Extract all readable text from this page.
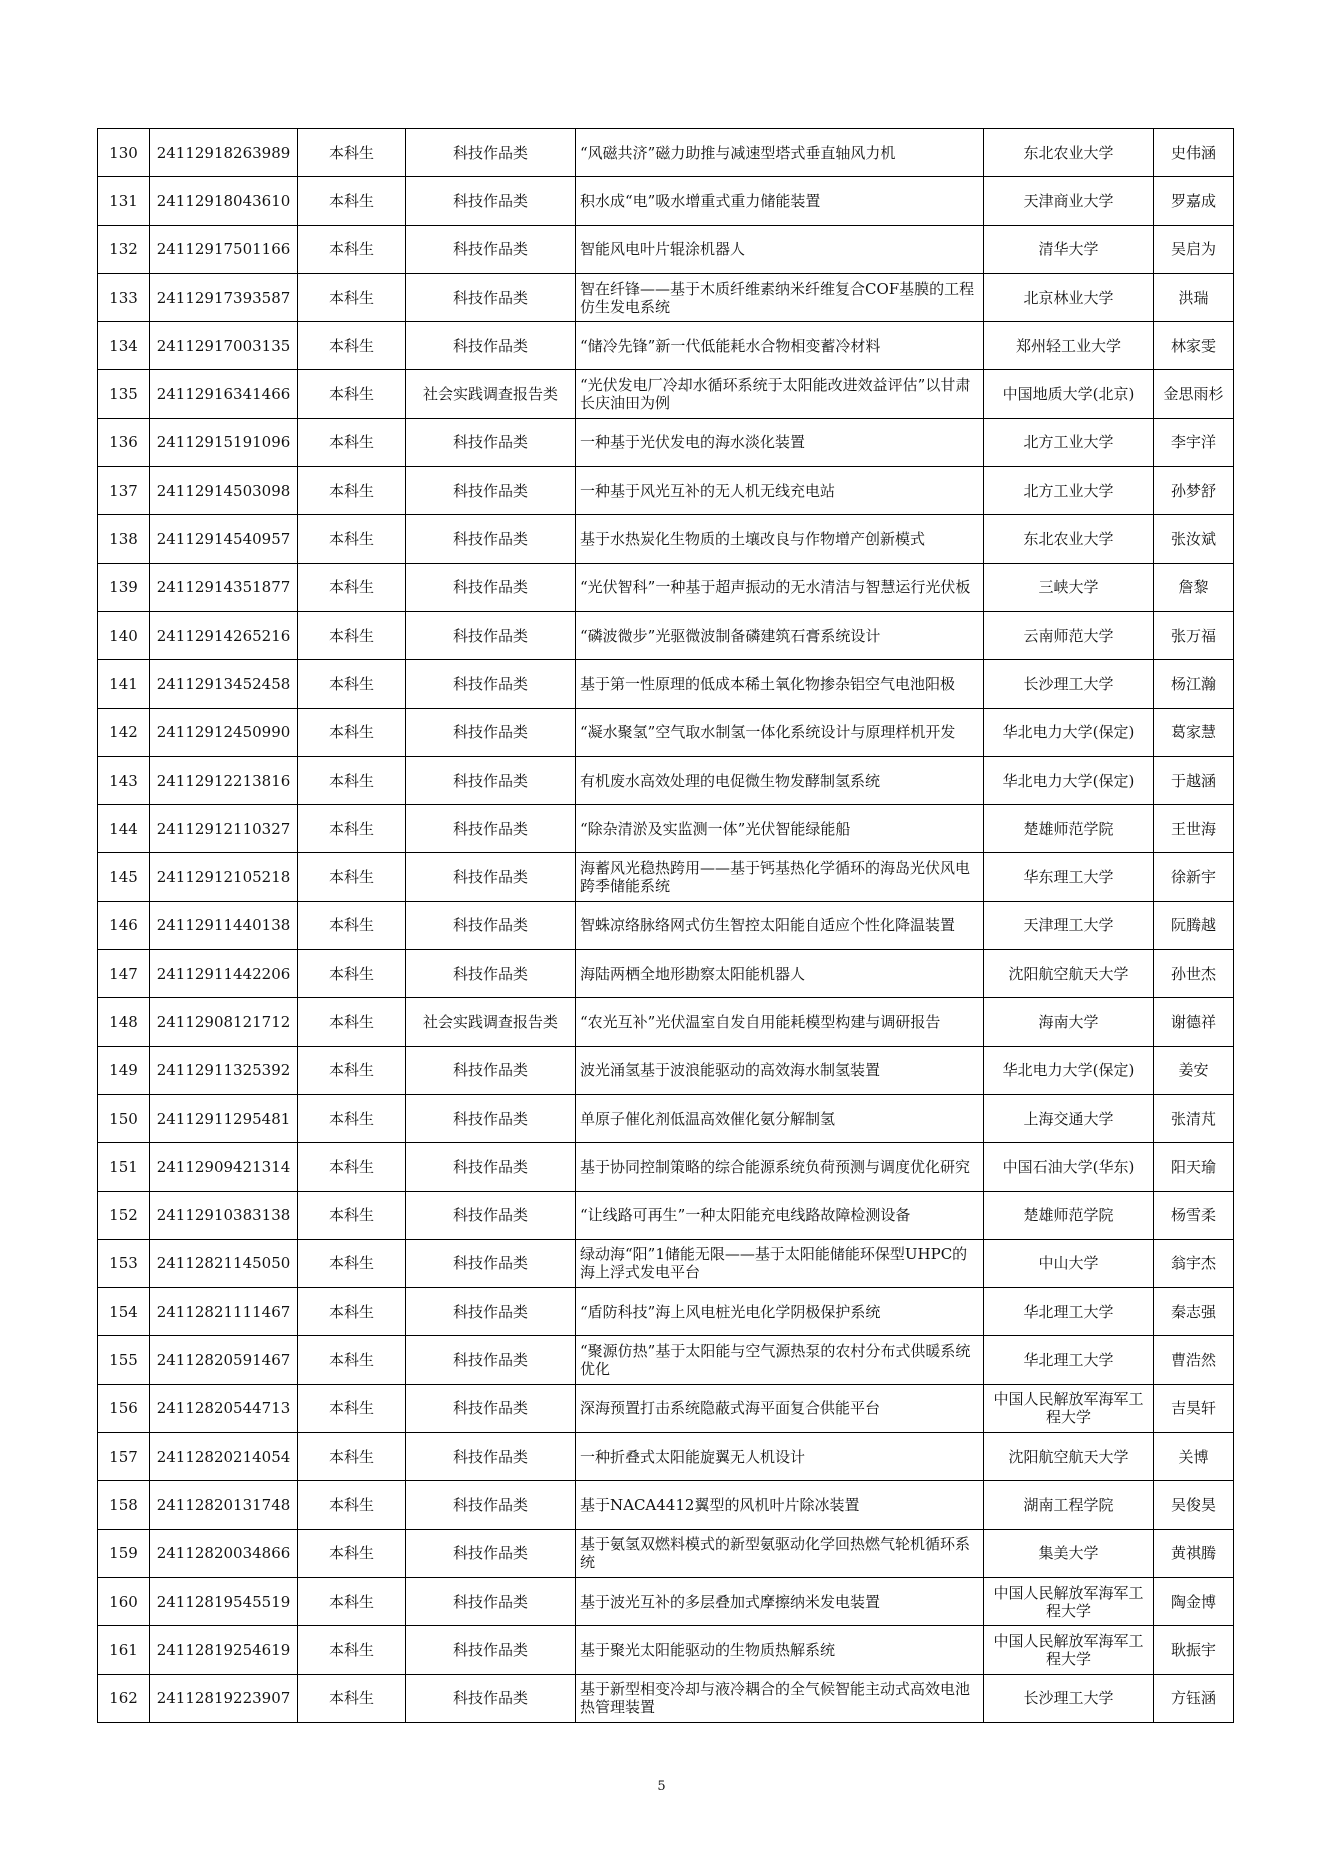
130	24112918263989	本科生	科技作品类	“风磁共济”磁力助推与减速型塔式垂直轴风力机	东北农业大学	史伟涵
131	24112918043610	本科生	科技作品类	积水成“电”吸水增重式重力储能装置	天津商业大学	罗嘉成
132	24112917501166	本科生	科技作品类	智能风电叶片辊涂机器人	清华大学	吴启为
133	24112917393587	本科生	科技作品类	智在纤锋——基于木质纤维素纳米纤维复合COF基膜的工程仿生发电系统	北京林业大学	洪瑞
134	24112917003135	本科生	科技作品类	“储冷先锋”新一代低能耗水合物相变蓄冷材料	郑州轻工业大学	林家雯
135	24112916341466	本科生	社会实践调查报告类	“光伏发电厂冷却水循环系统于太阳能改进效益评估”以甘肃长庆油田为例	中国地质大学(北京)	金思雨杉
136	24112915191096	本科生	科技作品类	一种基于光伏发电的海水淡化装置	北方工业大学	李宇洋
137	24112914503098	本科生	科技作品类	一种基于风光互补的无人机无线充电站	北方工业大学	孙梦舒
138	24112914540957	本科生	科技作品类	基于水热炭化生物质的土壤改良与作物增产创新模式	东北农业大学	张汝斌
139	24112914351877	本科生	科技作品类	“光伏智科”一种基于超声振动的无水清洁与智慧运行光伏板	三峡大学	詹黎
140	24112914265216	本科生	科技作品类	“磷波微步”光驱微波制备磷建筑石膏系统设计	云南师范大学	张万福
141	24112913452458	本科生	科技作品类	基于第一性原理的低成本稀土氧化物掺杂铝空气电池阳极	长沙理工大学	杨江瀚
142	24112912450990	本科生	科技作品类	“凝水聚氢”空气取水制氢一体化系统设计与原理样机开发	华北电力大学(保定)	葛家慧
143	24112912213816	本科生	科技作品类	有机废水高效处理的电促微生物发酵制氢系统	华北电力大学(保定)	于越涵
144	24112912110327	本科生	科技作品类	“除杂清淤及实监测一体”光伏智能绿能船	楚雄师范学院	王世海
145	24112912105218	本科生	科技作品类	海蓄风光稳热跨用——基于钙基热化学循环的海岛光伏风电跨季储能系统	华东理工大学	徐新宇
146	24112911440138	本科生	科技作品类	智蛛凉络脉络网式仿生智控太阳能自适应个性化降温装置	天津理工大学	阮腾越
147	24112911442206	本科生	科技作品类	海陆两栖全地形勘察太阳能机器人	沈阳航空航天大学	孙世杰
148	24112908121712	本科生	社会实践调查报告类	“农光互补”光伏温室自发自用能耗模型构建与调研报告	海南大学	谢德祥
149	24112911325392	本科生	科技作品类	波光涌氢基于波浪能驱动的高效海水制氢装置	华北电力大学(保定)	姜安
150	24112911295481	本科生	科技作品类	单原子催化剂低温高效催化氨分解制氢	上海交通大学	张清芃
151	24112909421314	本科生	科技作品类	基于协同控制策略的综合能源系统负荷预测与调度优化研究	中国石油大学(华东)	阳天瑜
152	24112910383138	本科生	科技作品类	“让线路可再生”一种太阳能充电线路故障检测设备	楚雄师范学院	杨雪柔
153	24112821145050	本科生	科技作品类	绿动海“阳”1储能无限——基于太阳能储能环保型UHPC的海上浮式发电平台	中山大学	翁宇杰
154	24112821111467	本科生	科技作品类	“盾防科技”海上风电桩光电化学阴极保护系统	华北理工大学	秦志强
155	24112820591467	本科生	科技作品类	“聚源仿热”基于太阳能与空气源热泵的农村分布式供暖系统优化	华北理工大学	曹浩然
156	24112820544713	本科生	科技作品类	深海预置打击系统隐蔽式海平面复合供能平台	中国人民解放军海军工程大学	吉昊轩
157	24112820214054	本科生	科技作品类	一种折叠式太阳能旋翼无人机设计	沈阳航空航天大学	关博
158	24112820131748	本科生	科技作品类	基于NACA4412翼型的风机叶片除冰装置	湖南工程学院	吴俊昊
159	24112820034866	本科生	科技作品类	基于氨氢双燃料模式的新型氨驱动化学回热燃气轮机循环系统	集美大学	黄祺腾
160	24112819545519	本科生	科技作品类	基于波光互补的多层叠加式摩擦纳米发电装置	中国人民解放军海军工程大学	陶金博
161	24112819254619	本科生	科技作品类	基于聚光太阳能驱动的生物质热解系统	中国人民解放军海军工程大学	耿振宇
162	24112819223907	本科生	科技作品类	基于新型相变冷却与液冷耦合的全气候智能主动式高效电池热管理装置	长沙理工大学	方钰涵
5
